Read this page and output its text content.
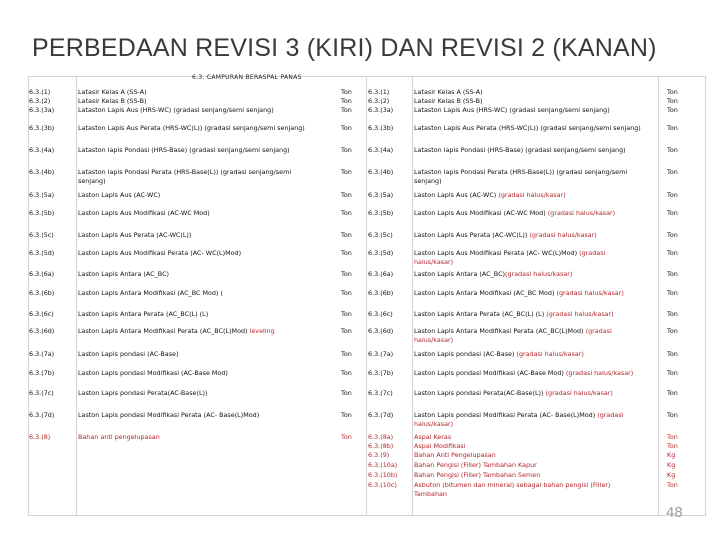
PERBEDAAN REVISI 3 (KIRI) DAN REVISI 2 (KANAN)
6.3. CAMPURAN BERASPAL PANAS
48
6.3.(1)	Latasir Kelas A (SS-A)	Ton
6.3.(2)	Latasir Kelas B (SS-B)	Ton
6.3.(3a)	Lataston Lapis Aus (HRS-WC) (gradasi senjang/semi senjang)	Ton
6.3.(3b)	Lataston Lapis Aus Perata (HRS-WC(L)) (gradasi senjang/semi senjang)	Ton
6.3.(4a)	Lataston lapis Pondasi (HRS-Base) (gradasi senjang/semi senjang)	Ton
6.3.(4b)	Lataston lapis Pondasi Perata (HRS-Base(L)) (gradasi senjang/semi senjang)
Ton
6.3.(5a)	Laston Lapis Aus (AC-WC)	Ton
6.3.(5b)	Laston Lapis Aus Modifikasi (AC-WC Mod)	Ton
6.3.(5c)	Laston Lapis Aus Perata (AC-WC(L))	Ton
6.3.(5d)	Laston Lapis Aus Modifikasi Perata (AC- WC(L)Mod)	Ton
6.3.(6a)	Laston Lapis Antara (AC_BC)	Ton
6.3.(6b)	Laston Lapis Antara Modifikasi (AC_BC Mod) (	Ton
6.3.(6c)	Laston Lapis Antara Perata (AC_BC(L) (L)	Ton
6.3.(6d)	Laston Lapis Antara Modifikasi Perata (AC_BC(L)Mod) leveling	Ton
6.3.(7a)	Laston Lapis pondasi (AC-Base)	Ton
6.3.(7b)	Laston Lapis pondasi Modifikasi (AC-Base Mod)	Ton
6.3.(7c)	Laston Lapis pondasi Perata(AC-Base(L))	Ton
6.3.(7d)	Laston Lapis pondasi Modifikasi Perata (AC- Base(L)Mod)	Ton
6.3.(8)	Bahan anti pengelupasan	Ton
6.3.(1)	Latasir Kelas A (SS-A)	Ton
6.3.(2)	Latasir Kelas B (SS-B)	Ton
6.3.(3a)	Lataston Lapis Aus (HRS-WC) (gradasi senjang/semi senjang)	Ton
6.3.(3b)	Lataston Lapis Aus Perata (HRS-WC(L)) (gradasi senjang/semi senjang)	Ton
6.3.(4a)	Lataston lapis Pondasi (HRS-Base) (gradasi senjang/semi senjang)	Ton
6.3.(4b)	Lataston lapis Pondasi Perata (HRS-Base(L)) (gradasi senjang/semi senjang)
Ton
6.3.(5a)	Laston Lapis Aus (AC-WC) (gradasi halus/kasar)	Ton
6.3.(5b)	Laston Lapis Aus Modifikasi (AC-WC Mod) (gradasi halus/kasar)	Ton
6.3.(5c)	Laston Lapis Aus Perata (AC-WC(L)) (gradasi halus/kasar)	Ton
6.3.(5d)	Laston Lapis Aus Modifikasi Perata (AC- WC(L)Mod) (gradasi halus/kasar)
Ton
6.3.(6a)	Laston Lapis Antara (AC_BC)(gradasi halus/kasar)	Ton
6.3.(6b)	Laston Lapis Antara Modifikasi (AC_BC Mod) (gradasi halus/kasar)	Ton
6.3.(6c)	Laston Lapis Antara Perata (AC_BC(L) (L) (gradasi halus/kasar)	Ton
6.3.(6d)	Laston Lapis Antara Modifikasi Perata (AC_BC(L)Mod) (gradasi halus/kasar)
Ton
6.3.(7a)	Laston Lapis pondasi (AC-Base) (gradasi halus/kasar)	Ton
6.3.(7b)	Laston Lapis pondasi Modifikasi (AC-Base Mod) (gradasi halus/kasar)	Ton
6.3.(7c)	Laston Lapis pondasi Perata(AC-Base(L)) (gradasi halus/kasar)	Ton
6.3.(7d)	Laston Lapis pondasi Modifikasi Perata (AC- Base(L)Mod) (gradasi halus/kasar)
Ton
6.3.(8a)	Aspal Keras	Ton
6.3.(8b)	Aspal Modifikasi	Ton
6.3.(9)	Bahan Anti Pengelupasan	Kg
6.3.(10a)	Bahan Pengisi (Filler) Tambahan Kapur	Kg
6.3.(10b)	Bahan Pengisi (Filler) Tambahan Semen	Kg
6.3.(10c)	Asbuton (bitumen dan mineral) sebagai bahan pengisi (Filler) Tambahan
Ton
